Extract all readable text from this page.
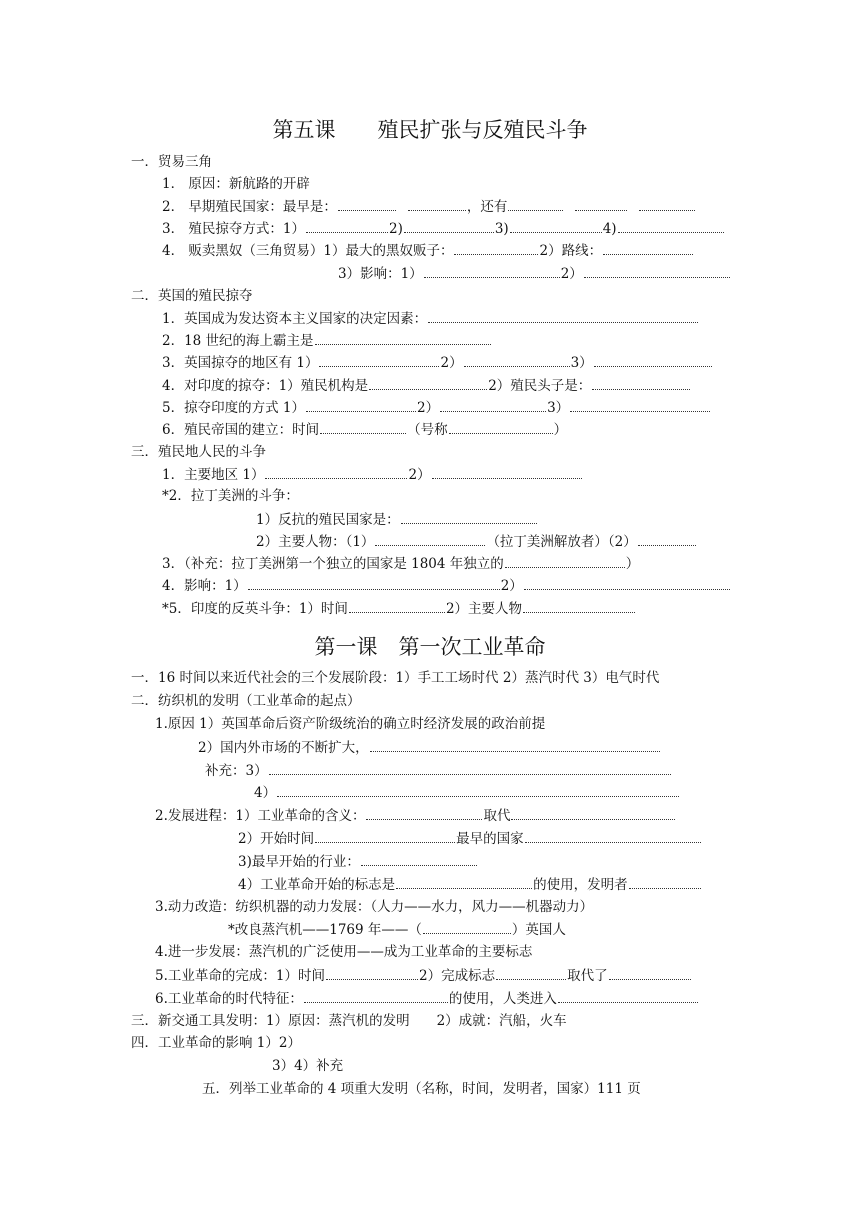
第五课　　殖民扩张与反殖民斗争
一．贸易三角
1． 原因：新航路的开辟
2． 早期殖民国家：最早是：	，还有
3． 殖民掠夺方式：1）	2)	3)	4)
4． 贩卖黑奴（三角贸易）1）最大的黑奴贩子：	2）路线：
3）影响：1）	2）
二．英国的殖民掠夺
1．英国成为发达资本主义国家的决定因素：
2．18 世纪的海上霸主是
3．英国掠夺的地区有 1）	2）	3）
4．对印度的掠夺：1）殖民机构是	2）殖民头子是：
5．掠夺印度的方式 1）	2）	3）
6．殖民帝国的建立：时间	（号称	）
三．殖民地人民的斗争
1．主要地区 1）	2）
*2．拉丁美洲的斗争：
1）反抗的殖民国家是：
2）主要人物：（1）	（拉丁美洲解放者）（2）
3．（补充：拉丁美洲第一个独立的国家是 1804 年独立的	）
4．影响：1）	2）
*5．印度的反英斗争：1）时间	2）主要人物
第一课　第一次工业革命
一．16 时间以来近代社会的三个发展阶段：1）手工工场时代 2）蒸汽时代 3）电气时代
二．纺织机的发明（工业革命的起点）
1.原因 1）英国革命后资产阶级统治的确立时经济发展的政治前提
2）国内外市场的不断扩大，
补充：3）
4）
2.发展进程：1）工业革命的含义：	取代
2）开始时间	最早的国家
3)最早开始的行业：
4）工业革命开始的标志是	的使用，发明者
3.动力改造：纺织机器的动力发展：（人力——水力，风力——机器动力）
*改良蒸汽机——1769 年——（	）英国人
4.进一步发展：蒸汽机的广泛使用——成为工业革命的主要标志
5.工业革命的完成：1）时间	2）完成标志	取代了
6.工业革命的时代特征：	的使用，人类进入
三．新交通工具发明：1）原因：蒸汽机的发明　　2）成就：汽船，火车
四．工业革命的影响 1）2）
3）4）补充
五．列举工业革命的 4 项重大发明（名称，时间，发明者，国家）111 页
